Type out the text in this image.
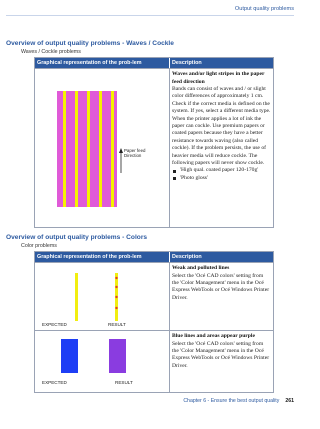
Output quality problems
Overview of output quality problems - Waves / Cockle
Waves / Cockle problems
Graphical representation of the prob-lem	Description
Paper feed Direction
Waves and/or light stripes in the paper feed direction
Bands can consist of waves and / or slight color differences of approximately 1 cm. Check if the correct media is defined on the system. If yes, select a different media type. When the printer applies a lot of ink the paper can cockle. Use premium papers or coated papers because they have a better resistance towards waving (also called cockle). If the problem persists, the use of heavier media will reduce cockle. The following papers will never show cockle.
'High qual. coated paper 120-170g'
'Photo gloss'
Overview of output quality problems - Colors
Color problems
Graphical representation of the prob-lem	Description
EXPECTED	RESULT
Weak and polluted lines
Select the 'Océ CAD colors' setting from the 'Color Management' menu in the Océ Express WebTools or Océ Windows Printer Driver.
EXPECTED	RESULT
Blue lines and areas appear purple
Select the 'Océ CAD colors' setting from the 'Color Management' menu in the Océ Express WebTools or Océ Windows Printer Driver.
Chapter 6 - Ensure the best output quality 261
